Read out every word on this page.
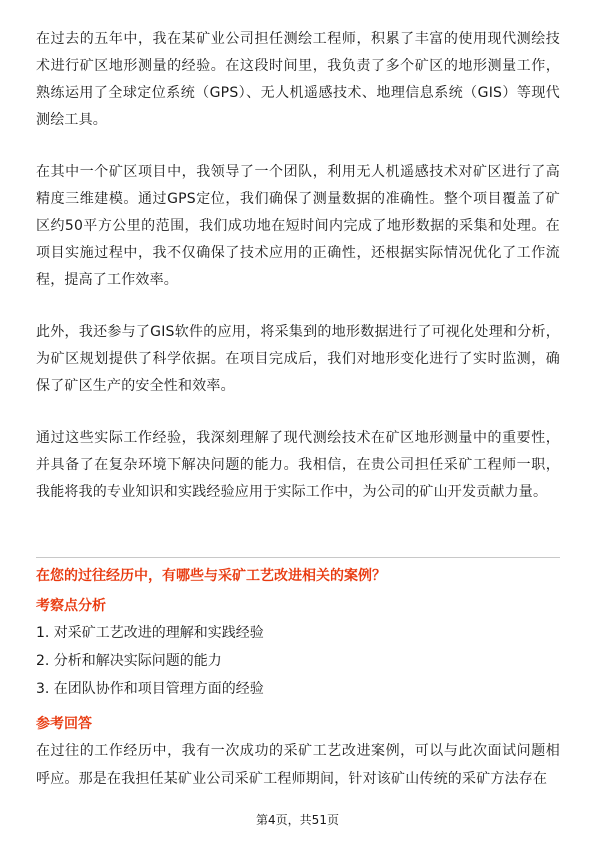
在过去的五年中，我在某矿业公司担任测绘工程师，积累了丰富的使用现代测绘技术进行矿区地形测量的经验。在这段时间里，我负责了多个矿区的地形测量工作，熟练运用了全球定位系统（GPS）、无人机遥感技术、地理信息系统（GIS）等现代测绘工具。

在其中一个矿区项目中，我领导了一个团队，利用无人机遥感技术对矿区进行了高精度三维建模。通过GPS定位，我们确保了测量数据的准确性。整个项目覆盖了矿区约50平方公里的范围，我们成功地在短时间内完成了地形数据的采集和处理。在项目实施过程中，我不仅确保了技术应用的正确性，还根据实际情况优化了工作流程，提高了工作效率。

此外，我还参与了GIS软件的应用，将采集到的地形数据进行了可视化处理和分析，为矿区规划提供了科学依据。在项目完成后，我们对地形变化进行了实时监测，确保了矿区生产的安全性和效率。

通过这些实际工作经验，我深刻理解了现代测绘技术在矿区地形测量中的重要性，并具备了在复杂环境下解决问题的能力。我相信，在贵公司担任采矿工程师一职，我能将我的专业知识和实践经验应用于实际工作中，为公司的矿山开发贡献力量。

在您的过往经历中，有哪些与采矿工艺改进相关的案例？

考察点分析

1. 对采矿工艺改进的理解和实践经验
2. 分析和解决实际问题的能力
3. 在团队协作和项目管理方面的经验

参考回答

在过往的工作经历中，我有一次成功的采矿工艺改进案例，可以与此次面试问题相呼应。那是在我担任某矿业公司采矿工程师期间，针对该矿山传统的采矿方法存在

第4页，共51页
